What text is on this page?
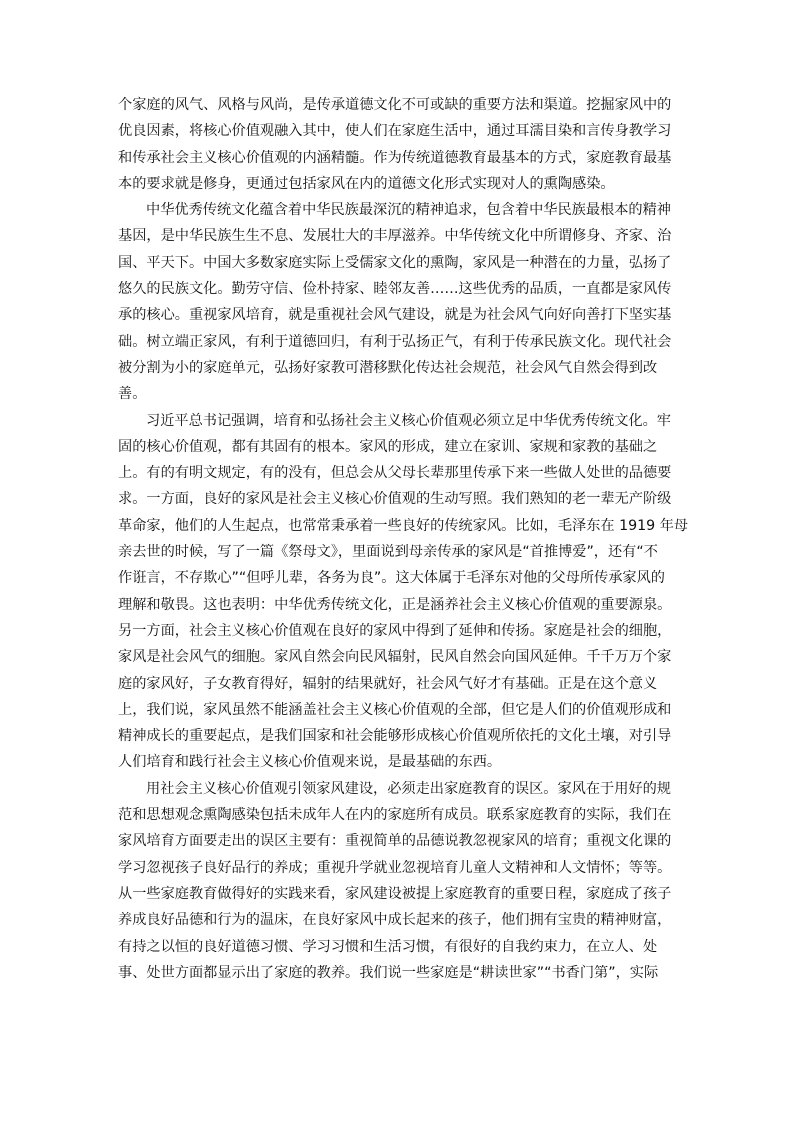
个家庭的风气、风格与风尚，是传承道德文化不可或缺的重要方法和渠道。挖掘家风中的
优良因素，将核心价值观融入其中，使人们在家庭生活中，通过耳濡目染和言传身教学习
和传承社会主义核心价值观的内涵精髓。作为传统道德教育最基本的方式，家庭教育最基
本的要求就是修身，更通过包括家风在内的道德文化形式实现对人的熏陶感染。
中华优秀传统文化蕴含着中华民族最深沉的精神追求，包含着中华民族最根本的精神
基因，是中华民族生生不息、发展壮大的丰厚滋养。中华传统文化中所谓修身、齐家、治
国、平天下。中国大多数家庭实际上受儒家文化的熏陶，家风是一种潜在的力量，弘扬了
悠久的民族文化。勤劳守信、俭朴持家、睦邻友善……这些优秀的品质，一直都是家风传
承的核心。重视家风培育，就是重视社会风气建设，就是为社会风气向好向善打下坚实基
础。树立端正家风，有利于道德回归，有利于弘扬正气，有利于传承民族文化。现代社会
被分割为小的家庭单元，弘扬好家教可潜移默化传达社会规范，社会风气自然会得到改
善。
习近平总书记强调，培育和弘扬社会主义核心价值观必须立足中华优秀传统文化。牢
固的核心价值观，都有其固有的根本。家风的形成，建立在家训、家规和家教的基础之
上。有的有明文规定，有的没有，但总会从父母长辈那里传承下来一些做人处世的品德要
求。一方面，良好的家风是社会主义核心价值观的生动写照。我们熟知的老一辈无产阶级
革命家，他们的人生起点，也常常秉承着一些良好的传统家风。比如，毛泽东在 1919 年母
亲去世的时候，写了一篇《祭母文》，里面说到母亲传承的家风是“首推博爱”，还有“不
作诳言，不存欺心”“但呼儿辈，各务为良”。这大体属于毛泽东对他的父母所传承家风的
理解和敬畏。这也表明：中华优秀传统文化，正是涵养社会主义核心价值观的重要源泉。
另一方面，社会主义核心价值观在良好的家风中得到了延伸和传扬。家庭是社会的细胞，
家风是社会风气的细胞。家风自然会向民风辐射，民风自然会向国风延伸。千千万万个家
庭的家风好，子女教育得好，辐射的结果就好，社会风气好才有基础。正是在这个意义
上，我们说，家风虽然不能涵盖社会主义核心价值观的全部，但它是人们的价值观形成和
精神成长的重要起点，是我们国家和社会能够形成核心价值观所依托的文化土壤，对引导
人们培育和践行社会主义核心价值观来说，是最基础的东西。
用社会主义核心价值观引领家风建设，必须走出家庭教育的误区。家风在于用好的规
范和思想观念熏陶感染包括未成年人在内的家庭所有成员。联系家庭教育的实际，我们在
家风培育方面要走出的误区主要有：重视简单的品德说教忽视家风的培育；重视文化课的
学习忽视孩子良好品行的养成；重视升学就业忽视培育儿童人文精神和人文情怀；等等。
从一些家庭教育做得好的实践来看，家风建设被提上家庭教育的重要日程，家庭成了孩子
养成良好品德和行为的温床，在良好家风中成长起来的孩子，他们拥有宝贵的精神财富，
有持之以恒的良好道德习惯、学习习惯和生活习惯，有很好的自我约束力，在立人、处
事、处世方面都显示出了家庭的教养。我们说一些家庭是“耕读世家”“书香门第”，实际
